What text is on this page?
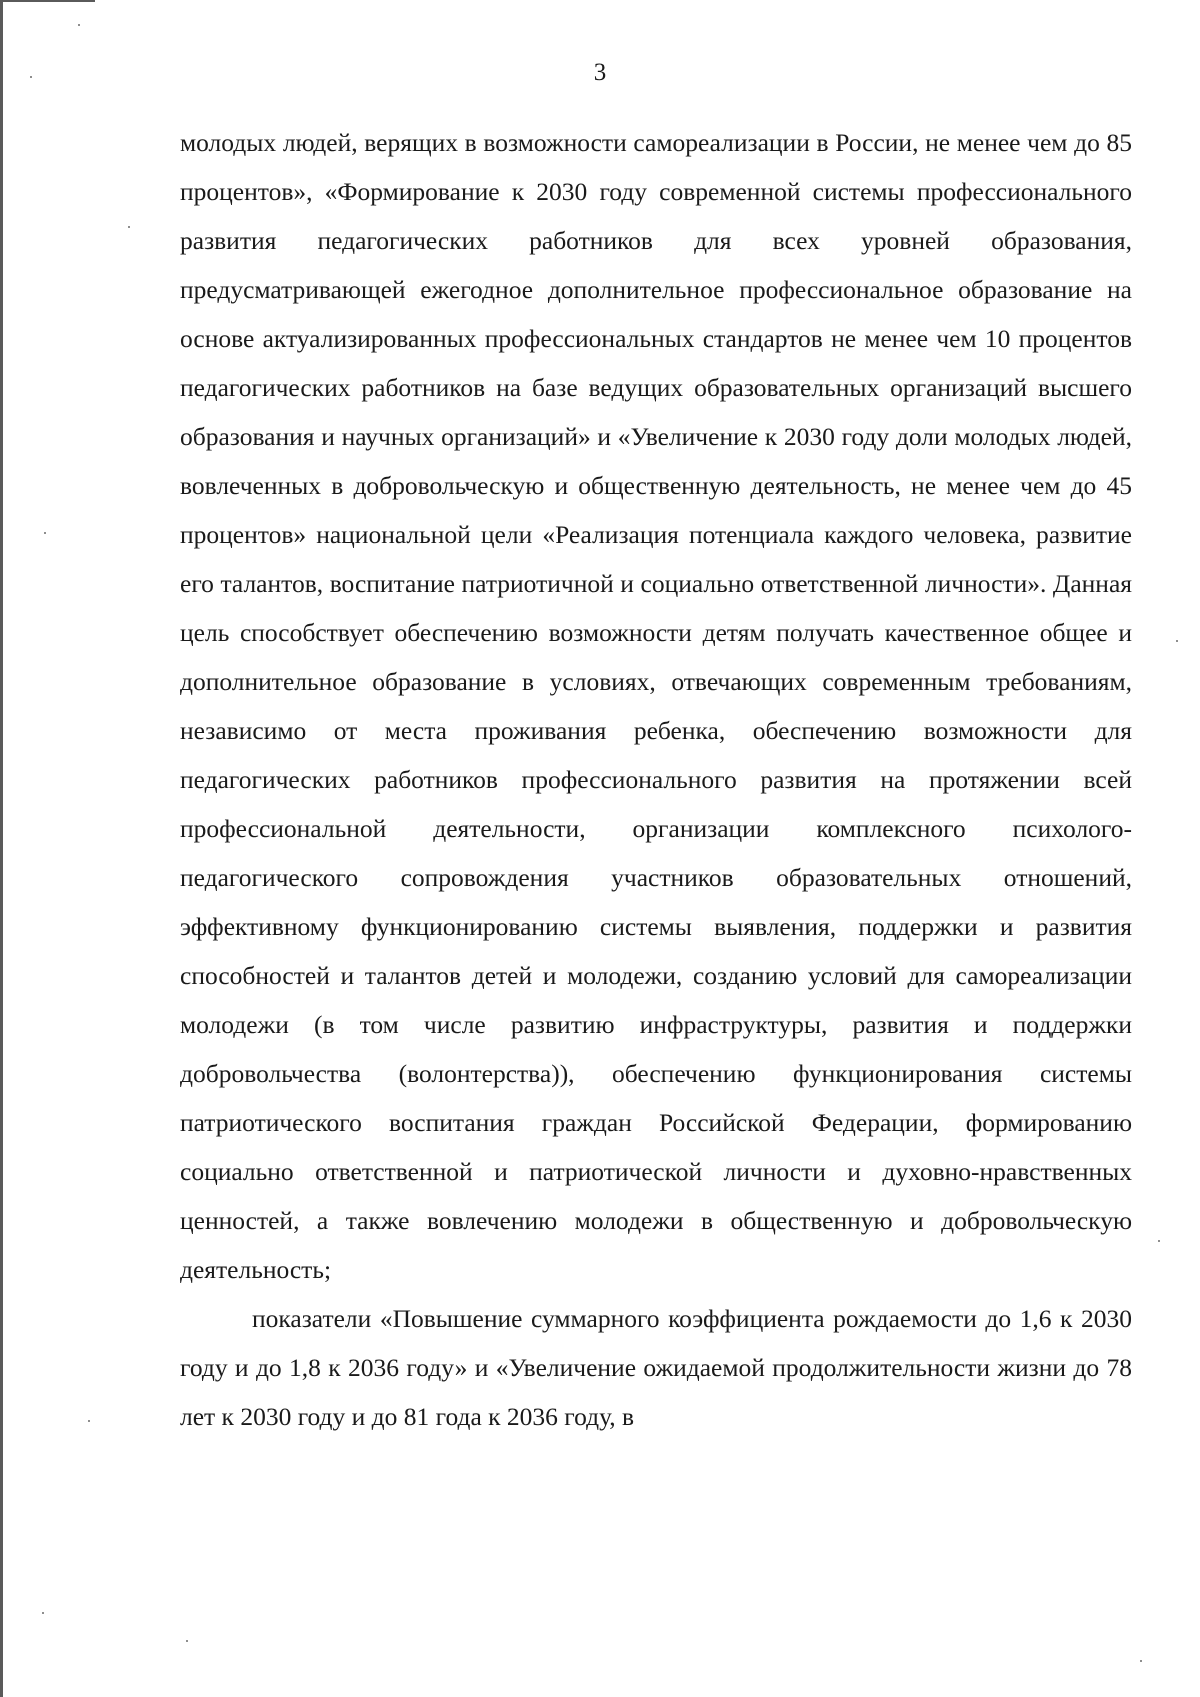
3

молодых людей, верящих в возможности самореализации в России, не менее чем до 85 процентов», «Формирование к 2030 году современной системы профессионального развития педагогических работников для всех уровней образования, предусматривающей ежегодное дополнительное профессиональное образование на основе актуализированных профессиональных стандартов не менее чем 10 процентов педагогических работников на базе ведущих образовательных организаций высшего образования и научных организаций» и «Увеличение к 2030 году доли молодых людей, вовлеченных в добровольческую и общественную деятельность, не менее чем до 45 процентов» национальной цели «Реализация потенциала каждого человека, развитие его талантов, воспитание патриотичной и социально ответственной личности». Данная цель способствует обеспечению возможности детям получать качественное общее и дополнительное образование в условиях, отвечающих современным требованиям, независимо от места проживания ребенка, обеспечению возможности для педагогических работников профессионального развития на протяжении всей профессиональной деятельности, организации комплексного психолого-педагогического сопровождения участников образовательных отношений, эффективному функционированию системы выявления, поддержки и развития способностей и талантов детей и молодежи, созданию условий для самореализации молодежи (в том числе развитию инфраструктуры, развития и поддержки добровольчества (волонтерства)), обеспечению функционирования системы патриотического воспитания граждан Российской Федерации, формированию социально ответственной и патриотической личности и духовно-нравственных ценностей, а также вовлечению молодежи в общественную и добровольческую деятельность;

показатели «Повышение суммарного коэффициента рождаемости до 1,6 к 2030 году и до 1,8 к 2036 году» и «Увеличение ожидаемой продолжительности жизни до 78 лет к 2030 году и до 81 года к 2036 году, в
